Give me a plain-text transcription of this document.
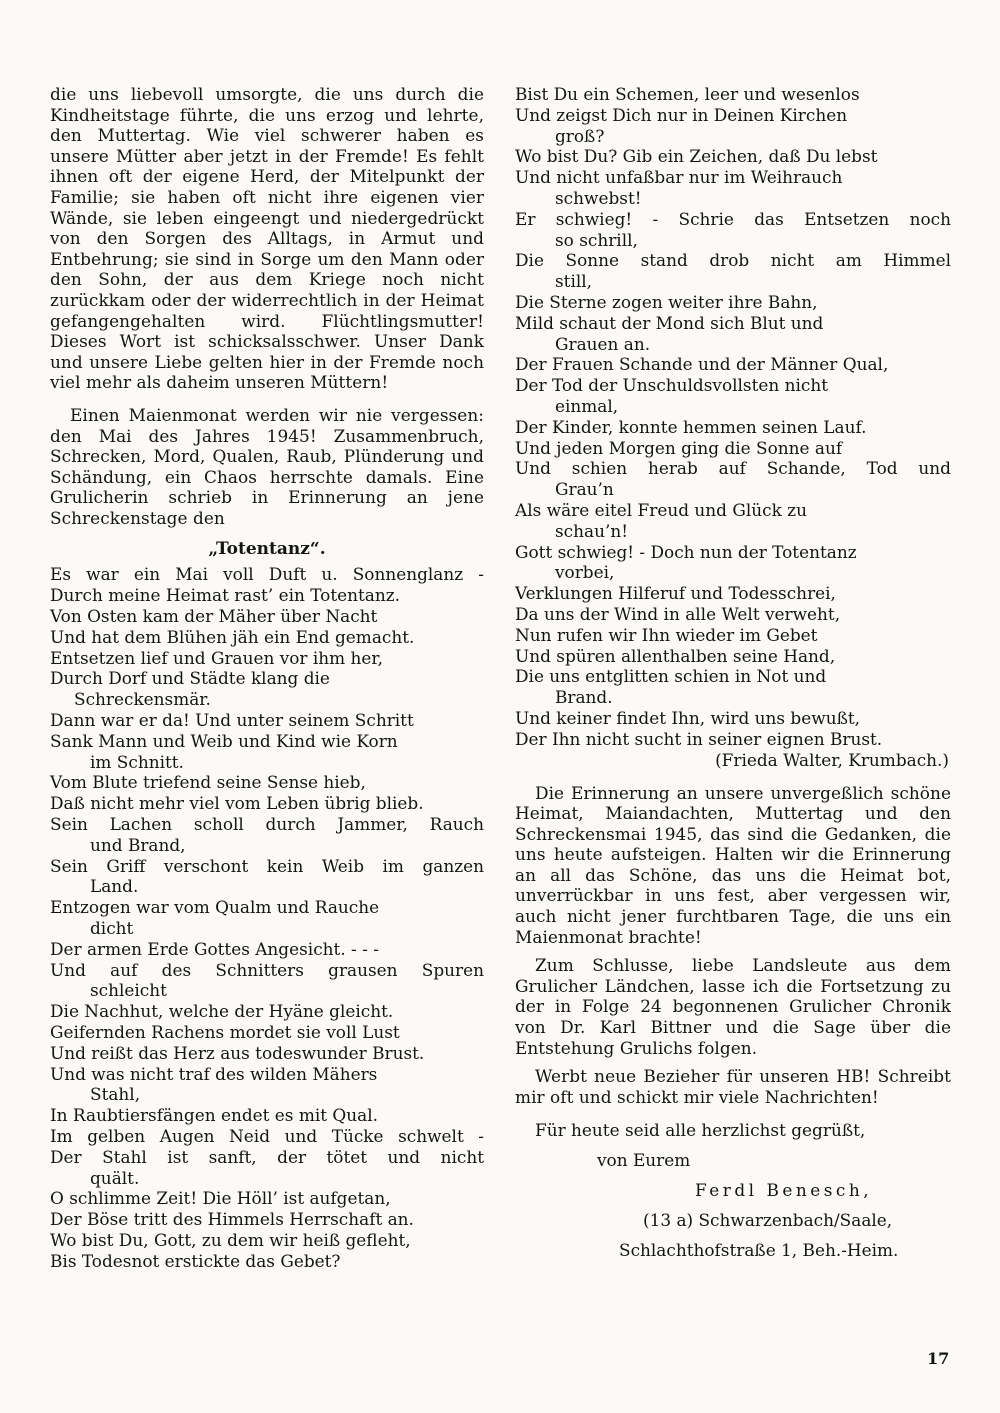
die uns liebevoll umsorgte, die uns durch die Kindheitstage führte, die uns erzog und lehrte, den Muttertag. Wie viel schwerer haben es unsere Mütter aber jetzt in der Fremde! Es fehlt ihnen oft der eigene Herd, der Mitelpunkt der Familie; sie haben oft nicht ihre eigenen vier Wände, sie leben eingeengt und niedergedrückt von den Sorgen des Alltags, in Armut und Entbehrung; sie sind in Sorge um den Mann oder den Sohn, der aus dem Kriege noch nicht zurückkam oder der widerrechtlich in der Heimat gefangengehalten wird. Flüchtlingsmutter! Dieses Wort ist schicksalsschwer. Unser Dank und unsere Liebe gelten hier in der Fremde noch viel mehr als daheim unseren Müttern!

Einen Maienmonat werden wir nie vergessen: den Mai des Jahres 1945! Zusammenbruch, Schrecken, Mord, Qualen, Raub, Plünderung und Schändung, ein Chaos herrschte damals. Eine Grulicherin schrieb in Erinnerung an jene Schreckenstage den

„Totentanz“.
Es war ein Mai voll Duft u. Sonnenglanz -
Durch meine Heimat rast’ ein Totentanz.
Von Osten kam der Mäher über Nacht
Und hat dem Blühen jäh ein End gemacht.
Entsetzen lief und Grauen vor ihm her,
Durch Dorf und Städte klang die
Schreckensmär.
Dann war er da! Und unter seinem Schritt
Sank Mann und Weib und Kind wie Korn
im Schnitt.
Vom Blute triefend seine Sense hieb,
Daß nicht mehr viel vom Leben übrig blieb.
Sein Lachen scholl durch Jammer, Rauch
und Brand,
Sein Griff verschont kein Weib im ganzen
Land.
Entzogen war vom Qualm und Rauche
dicht
Der armen Erde Gottes Angesicht. - - -
Und auf des Schnitters grausen Spuren
schleicht
Die Nachhut, welche der Hyäne gleicht.
Geifernden Rachens mordet sie voll Lust
Und reißt das Herz aus todeswunder Brust.
Und was nicht traf des wilden Mähers
Stahl,
In Raubtiersfängen endet es mit Qual.
Im gelben Augen Neid und Tücke schwelt -
Der Stahl ist sanft, der tötet und nicht
quält.
O schlimme Zeit! Die Höll’ ist aufgetan,
Der Böse tritt des Himmels Herrschaft an.
Wo bist Du, Gott, zu dem wir heiß gefleht,
Bis Todesnot erstickte das Gebet?
Bist Du ein Schemen, leer und wesenlos
Und zeigst Dich nur in Deinen Kirchen
groß?
Wo bist Du? Gib ein Zeichen, daß Du lebst
Und nicht unfaßbar nur im Weihrauch
schwebst!
Er schwieg! - Schrie das Entsetzen noch
so schrill,
Die Sonne stand drob nicht am Himmel
still,
Die Sterne zogen weiter ihre Bahn,
Mild schaut der Mond sich Blut und
Grauen an.
Der Frauen Schande und der Männer Qual,
Der Tod der Unschuldsvollsten nicht
einmal,
Der Kinder, konnte hemmen seinen Lauf.
Und jeden Morgen ging die Sonne auf
Und schien herab auf Schande, Tod und
Grau’n
Als wäre eitel Freud und Glück zu
schau’n!
Gott schwieg! - Doch nun der Totentanz
vorbei,
Verklungen Hilferuf und Todesschrei,
Da uns der Wind in alle Welt verweht,
Nun rufen wir Ihn wieder im Gebet
Und spüren allenthalben seine Hand,
Die uns entglitten schien in Not und
Brand.
Und keiner findet Ihn, wird uns bewußt,
Der Ihn nicht sucht in seiner eignen Brust.
(Frieda Walter, Krumbach.)

Die Erinnerung an unsere unvergeßlich schöne Heimat, Maiandachten, Muttertag und den Schreckensmai 1945, das sind die Gedanken, die uns heute aufsteigen. Halten wir die Erinnerung an all das Schöne, das uns die Heimat bot, unverrückbar in uns fest, aber vergessen wir, auch nicht jener furchtbaren Tage, die uns ein Maienmonat brachte!

Zum Schlusse, liebe Landsleute aus dem Grulicher Ländchen, lasse ich die Fortsetzung zu der in Folge 24 begonnenen Grulicher Chronik von Dr. Karl Bittner und die Sage über die Entstehung Grulichs folgen.

Werbt neue Bezieher für unseren HB! Schreibt mir oft und schickt mir viele Nachrichten!

Für heute seid alle herzlichst gegrüßt,
von Eurem
Ferdl Benesch,
(13 a) Schwarzenbach/Saale,
Schlachthofstraße 1, Beh.-Heim.
17
